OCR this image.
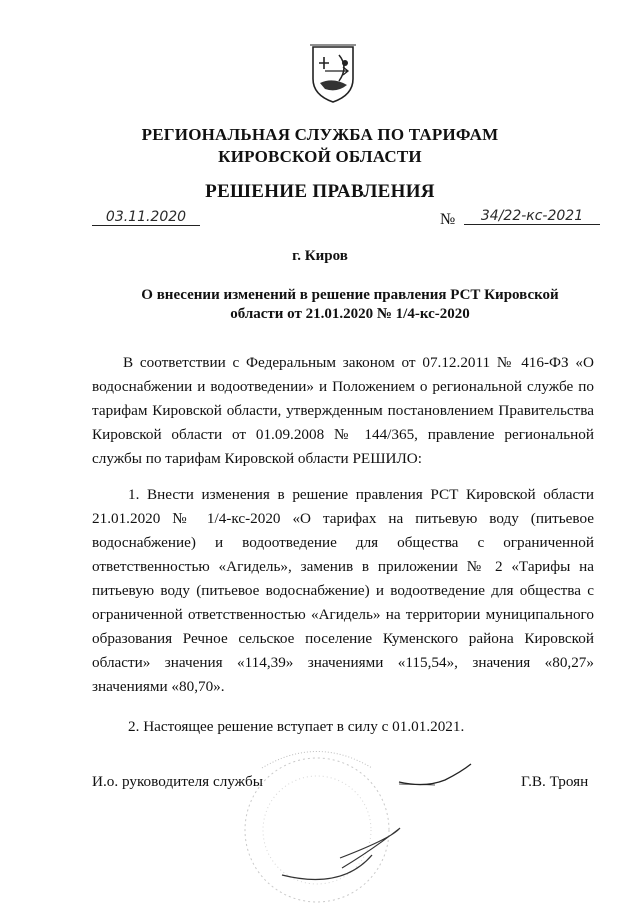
РЕГИОНАЛЬНАЯ СЛУЖБА ПО ТАРИФАМ
КИРОВСКОЙ ОБЛАСТИ
РЕШЕНИЕ ПРАВЛЕНИЯ
03.11.2020	№	34/22-кс-2021
г. Киров
О внесении изменений в решение правления РСТ Кировской
области от 21.01.2020 № 1/4-кс-2020
В соответствии с Федеральным законом от 07.12.2011 № 416-ФЗ «О водоснабжении и водоотведении» и Положением о региональной службе по тарифам Кировской области, утвержденным постановлением Правительства Кировской области от 01.09.2008 № 144/365, правление региональной службы по тарифам Кировской области РЕШИЛО:
1. Внести изменения в решение правления РСТ Кировской области 21.01.2020 № 1/4-кс-2020 «О тарифах на питьевую воду (питьевое водоснабжение) и водоотведение для общества с ограниченной ответственностью «Агидель», заменив в приложении № 2 «Тарифы на питьевую воду (питьевое водоснабжение) и водоотведение для общества с ограниченной ответственностью «Агидель» на территории муниципального образования Речное сельское поселение Куменского района Кировской области» значения «114,39» значениями «115,54», значения «80,27» значениями «80,70».
2. Настоящее решение вступает в силу с 01.01.2021.
И.о. руководителя службы	Г.В. Троян
